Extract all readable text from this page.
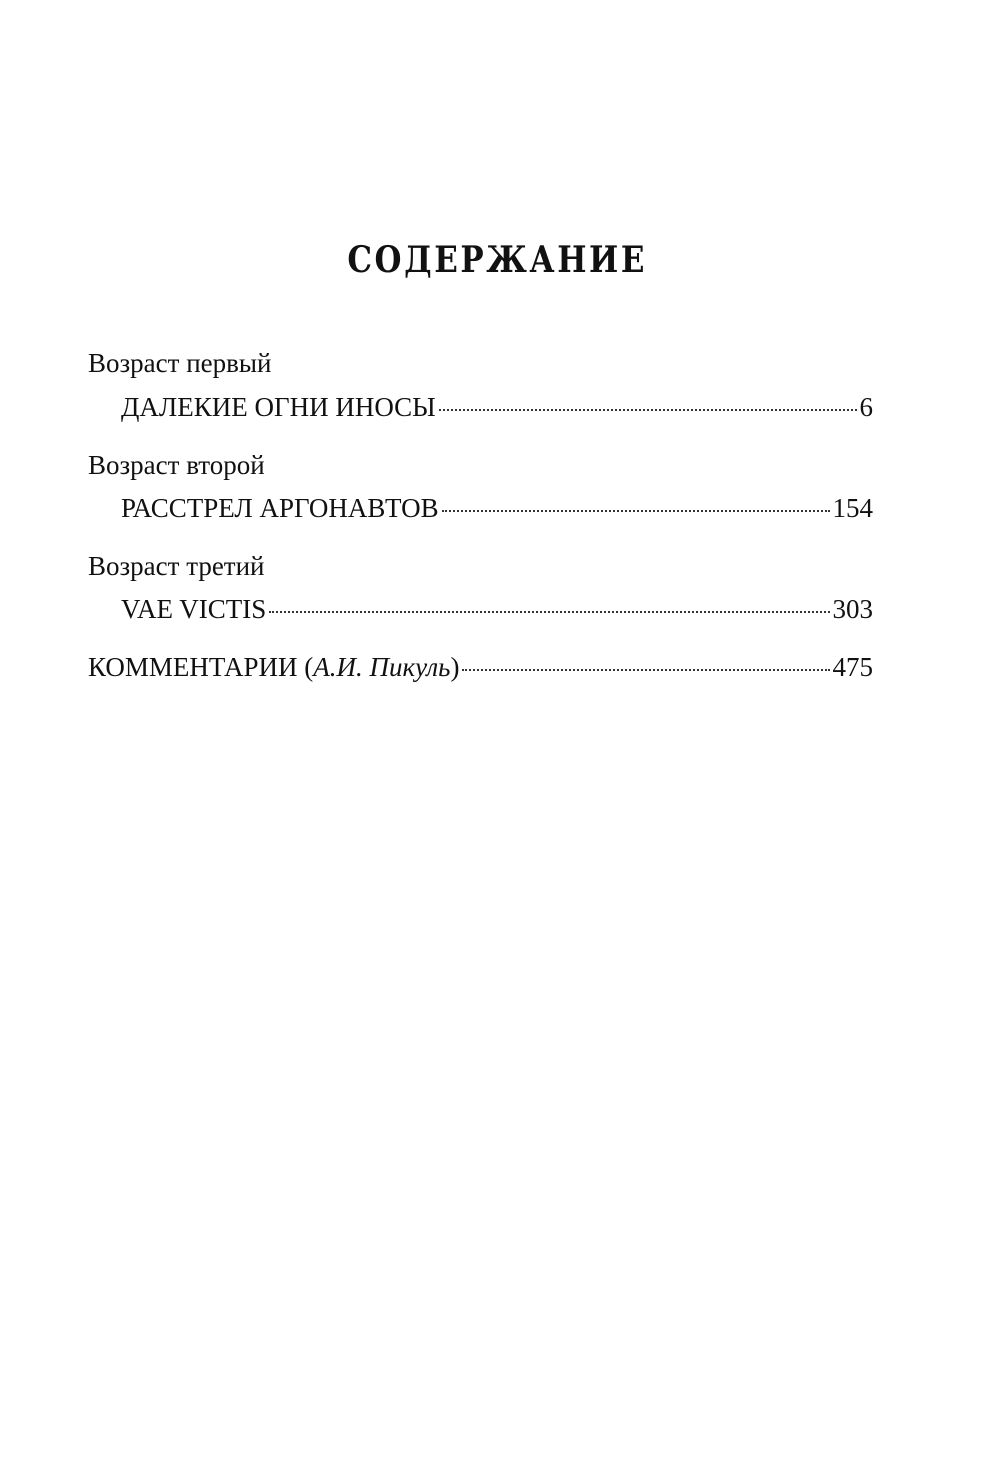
СОДЕРЖАНИЕ
Возраст первый
ДАЛЕКИЕ ОГНИ ИНОСЫ	6
Возраст второй
РАССТРЕЛ АРГОНАВТОВ	154
Возраст третий
VAE VICTIS	303
КОММЕНТАРИИ (А.И. Пикуль)	475
